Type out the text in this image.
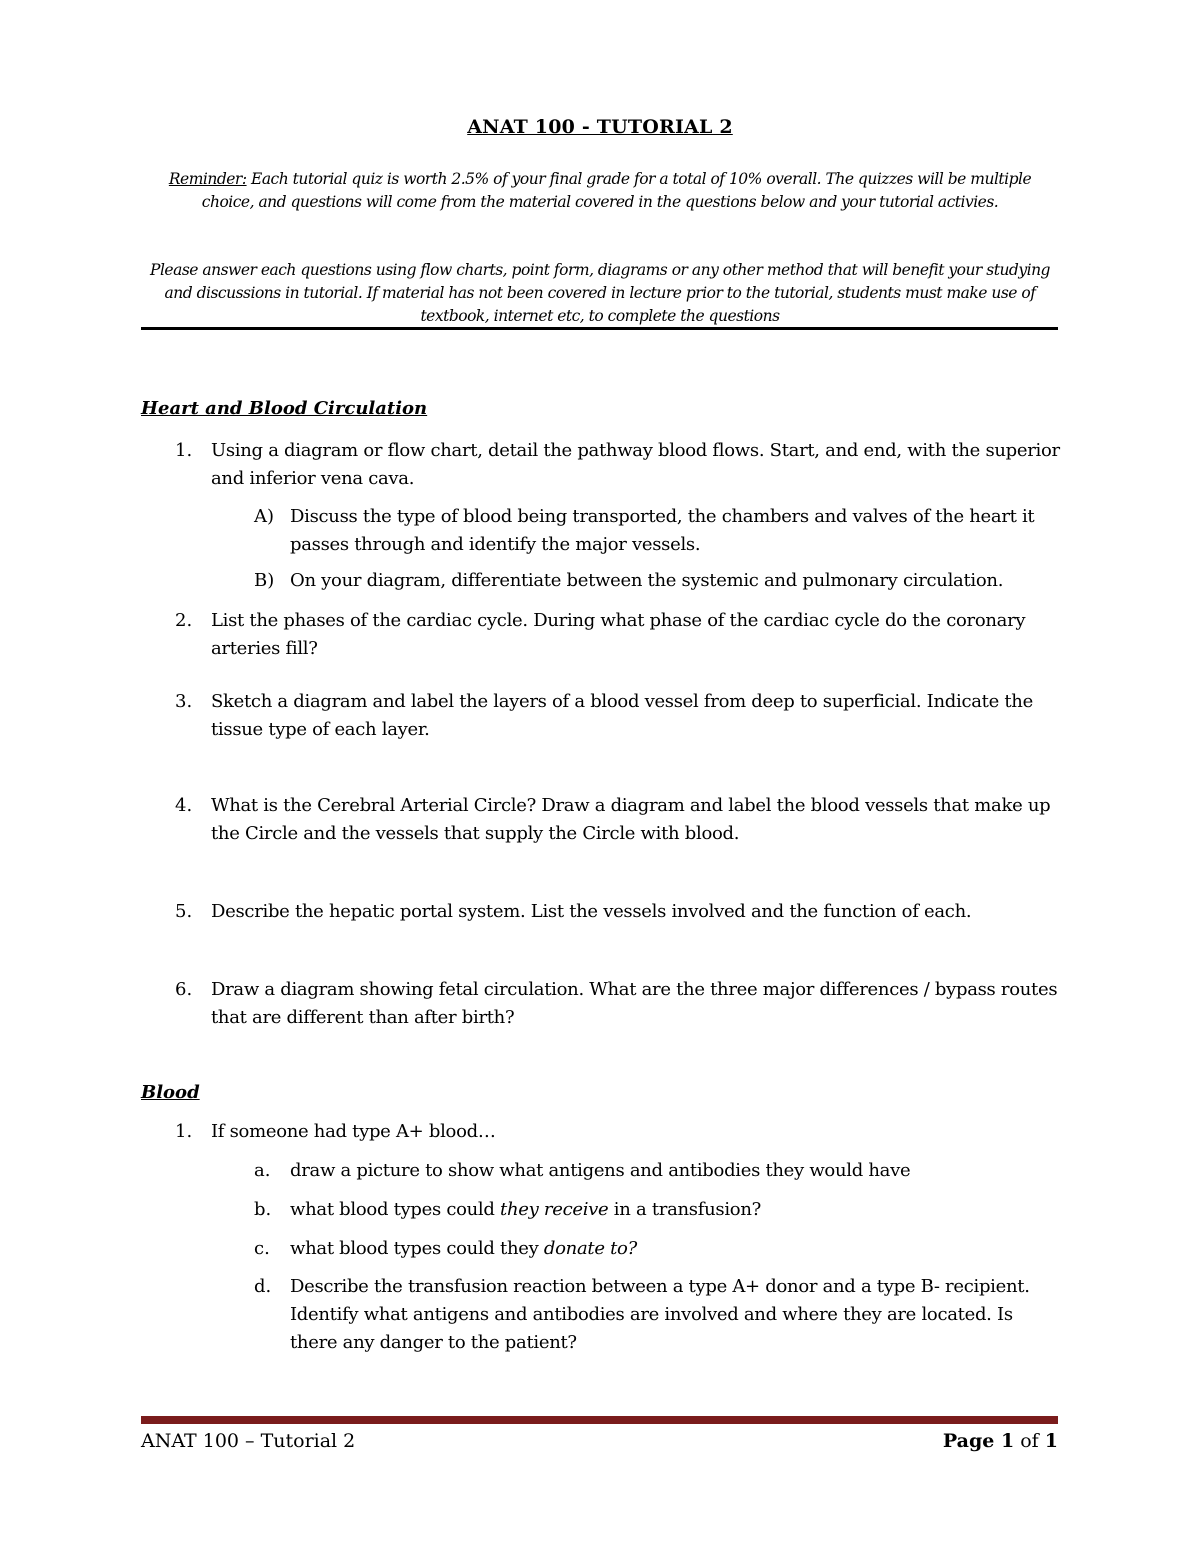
ANAT 100 - TUTORIAL 2
Reminder: Each tutorial quiz is worth 2.5% of your final grade for a total of 10% overall. The quizzes will be multiple choice, and questions will come from the material covered in the questions below and your tutorial activies.
Please answer each questions using flow charts, point form, diagrams or any other method that will benefit your studying and discussions in tutorial. If material has not been covered in lecture prior to the tutorial, students must make use of textbook, internet etc, to complete the questions
Heart and Blood Circulation
1. Using a diagram or flow chart, detail the pathway blood flows. Start, and end, with the superior and inferior vena cava.
A) Discuss the type of blood being transported, the chambers and valves of the heart it passes through and identify the major vessels.
B) On your diagram, differentiate between the systemic and pulmonary circulation.
2. List the phases of the cardiac cycle. During what phase of the cardiac cycle do the coronary arteries fill?
3. Sketch a diagram and label the layers of a blood vessel from deep to superficial. Indicate the tissue type of each layer.
4. What is the Cerebral Arterial Circle? Draw a diagram and label the blood vessels that make up the Circle and the vessels that supply the Circle with blood.
5. Describe the hepatic portal system. List the vessels involved and the function of each.
6. Draw a diagram showing fetal circulation. What are the three major differences / bypass routes that are different than after birth?
Blood
1. If someone had type A+ blood…
a. draw a picture to show what antigens and antibodies they would have
b. what blood types could they receive in a transfusion?
c. what blood types could they donate to?
d. Describe the transfusion reaction between a type A+ donor and a type B- recipient. Identify what antigens and antibodies are involved and where they are located. Is there any danger to the patient?
ANAT 100 – Tutorial 2	Page 1 of 1
